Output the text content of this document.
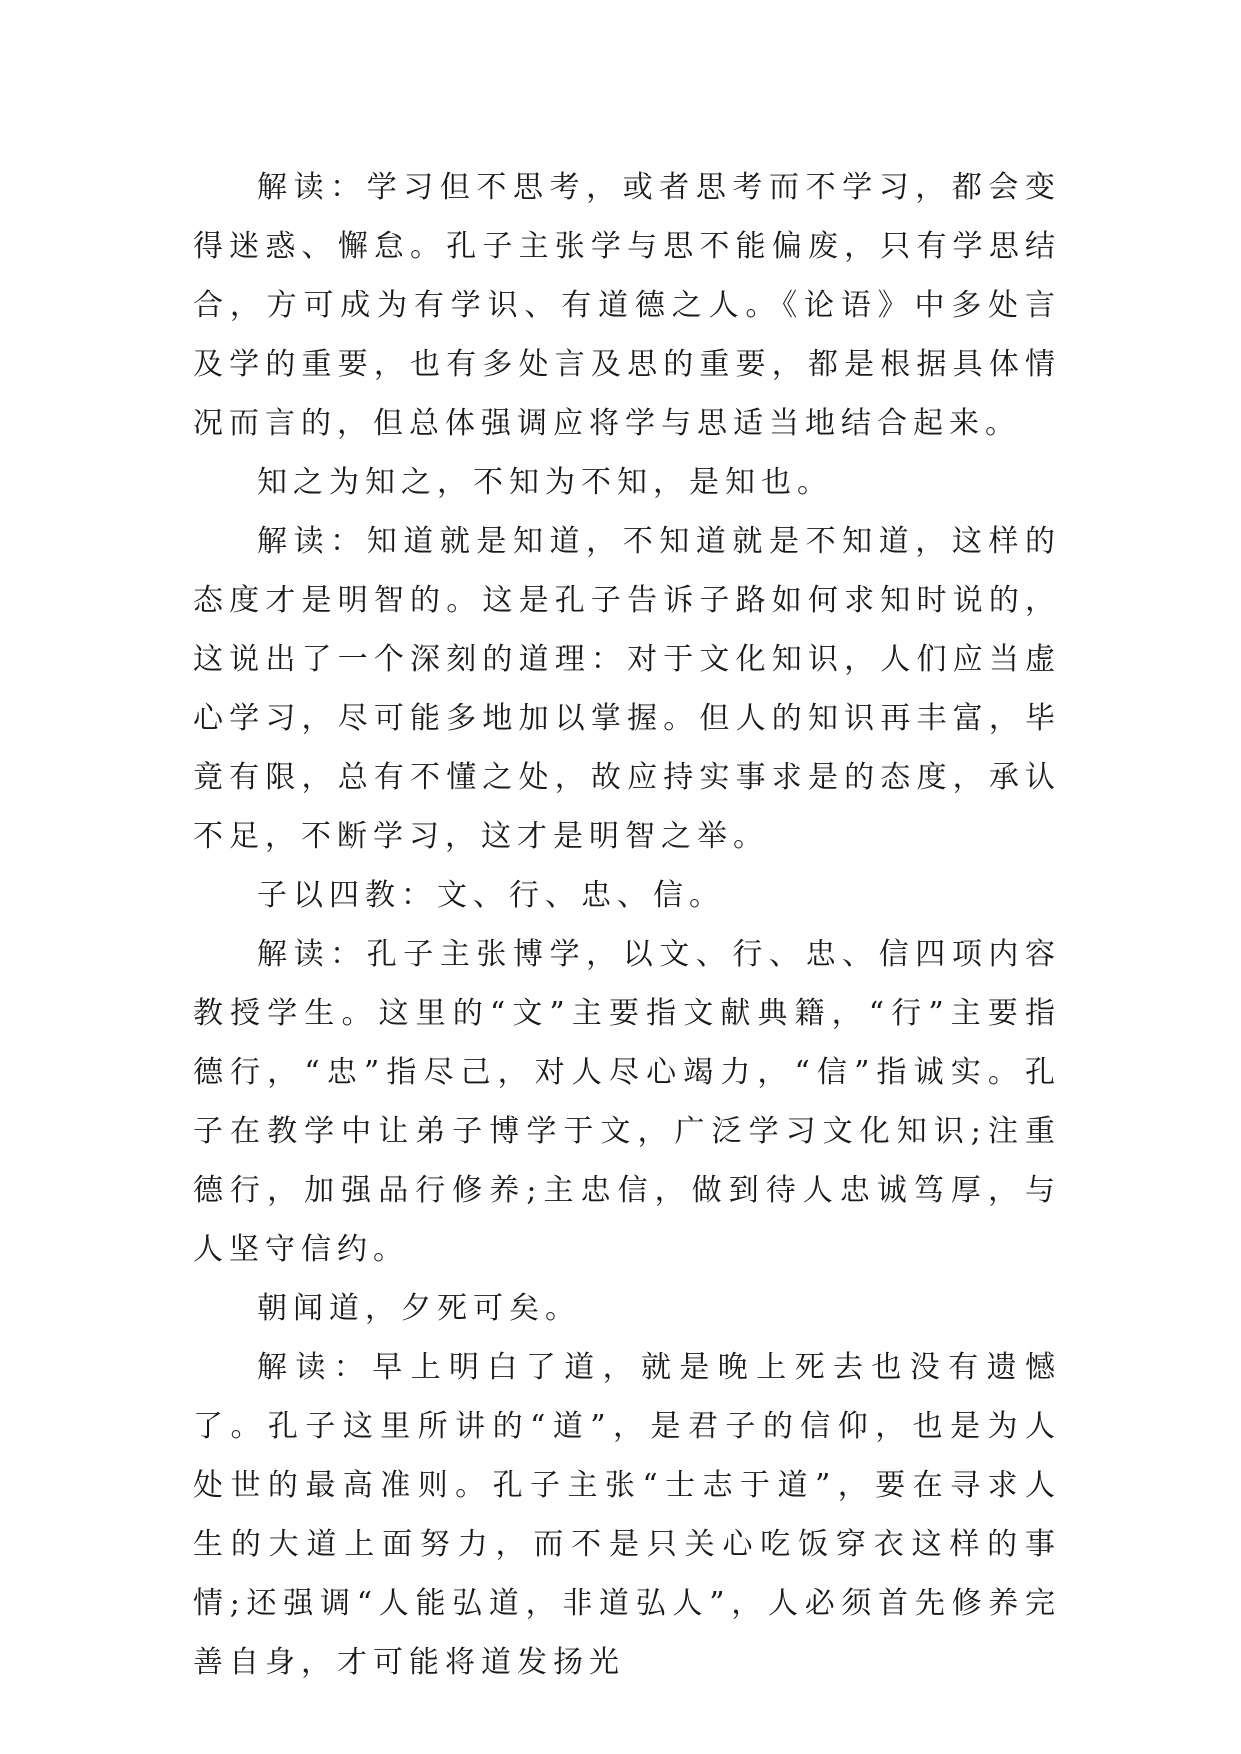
解读：学习但不思考，或者思考而不学习，都会变得迷惑、懈怠。孔子主张学与思不能偏废，只有学思结合，方可成为有学识、有道德之人。《论语》中多处言及学的重要，也有多处言及思的重要，都是根据具体情况而言的，但总体强调应将学与思适当地结合起来。

知之为知之，不知为不知，是知也。

解读：知道就是知道，不知道就是不知道，这样的态度才是明智的。这是孔子告诉子路如何求知时说的，这说出了一个深刻的道理：对于文化知识，人们应当虚心学习，尽可能多地加以掌握。但人的知识再丰富，毕竟有限，总有不懂之处，故应持实事求是的态度，承认不足，不断学习，这才是明智之举。

子以四教：文、行、忠、信。

解读：孔子主张博学，以文、行、忠、信四项内容教授学生。这里的“文”主要指文献典籍，“行”主要指德行，“忠”指尽己，对人尽心竭力，“信”指诚实。孔子在教学中让弟子博学于文，广泛学习文化知识;注重德行，加强品行修养;主忠信，做到待人忠诚笃厚，与人坚守信约。

朝闻道，夕死可矣。

解读：早上明白了道，就是晚上死去也没有遗憾了。孔子这里所讲的“道”，是君子的信仰，也是为人处世的最高准则。孔子主张“士志于道”，要在寻求人生的大道上面努力，而不是只关心吃饭穿衣这样的事情;还强调“人能弘道，非道弘人”，人必须首先修养完善自身，才可能将道发扬光
